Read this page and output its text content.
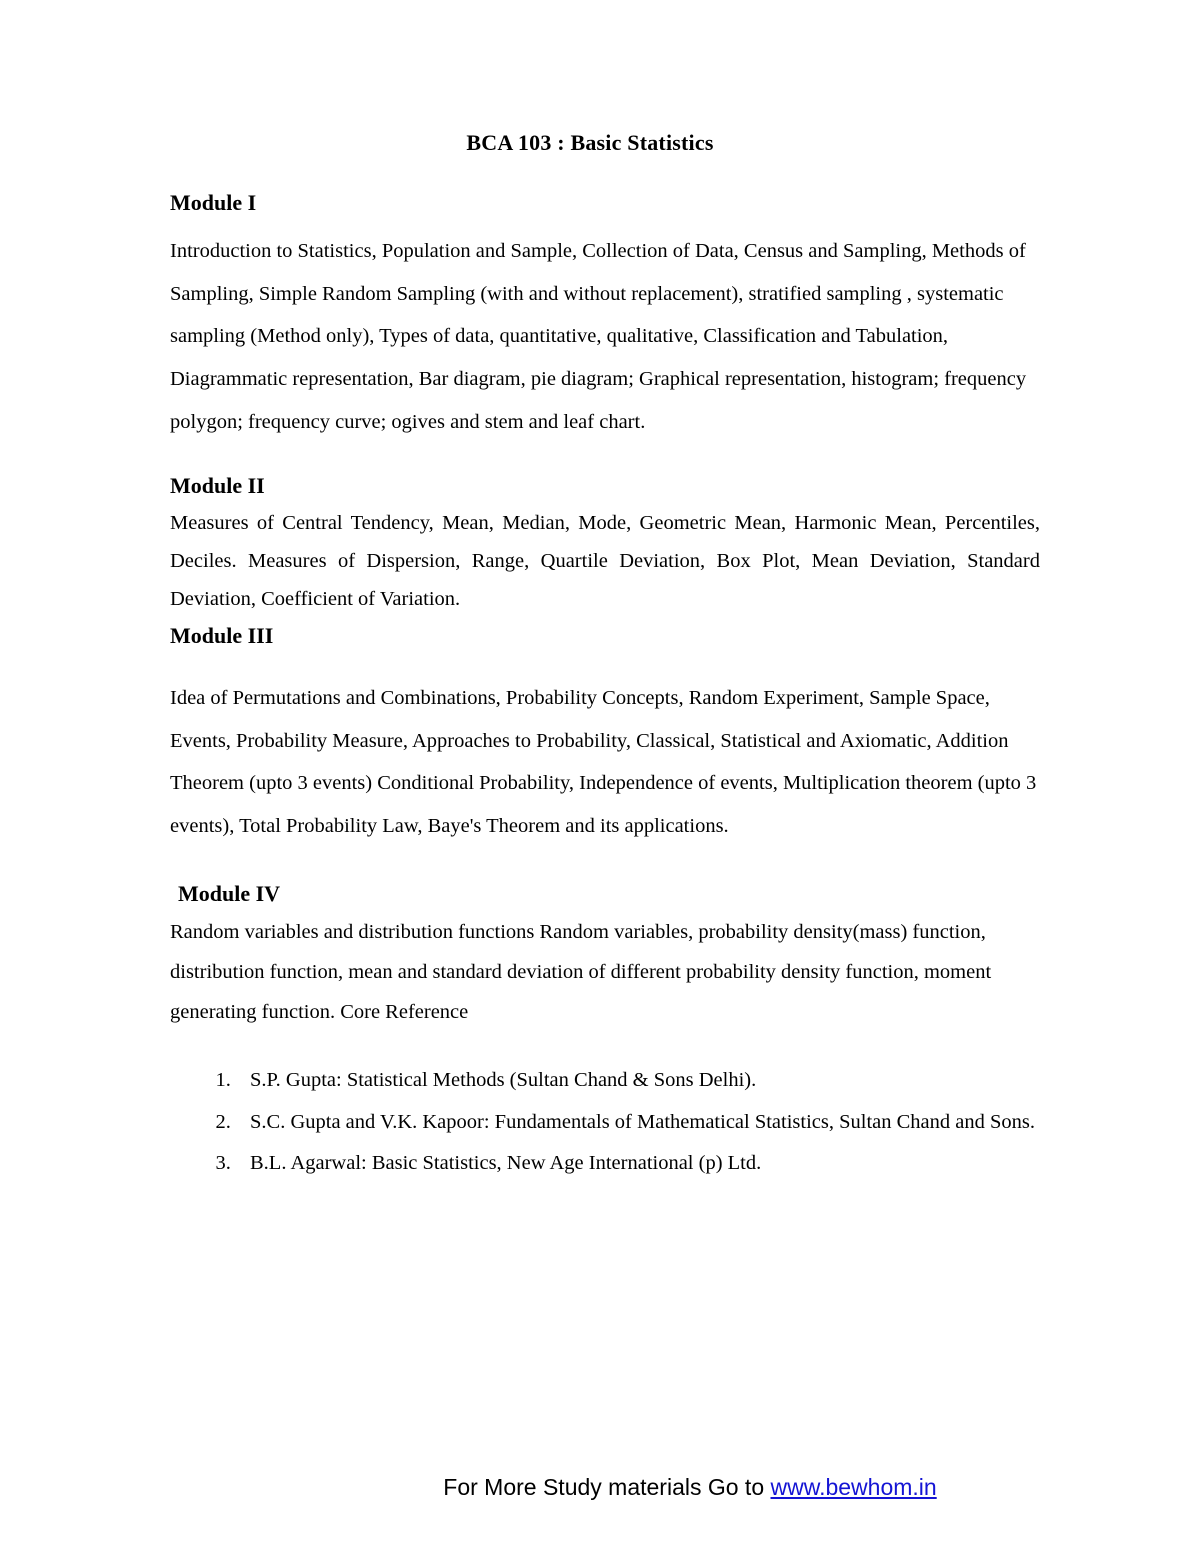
BCA 103 : Basic Statistics
Module I

Introduction to Statistics, Population and Sample, Collection of Data, Census and Sampling, Methods of Sampling, Simple Random Sampling (with and without replacement), stratified sampling , systematic sampling (Method only), Types of data, quantitative, qualitative, Classification and Tabulation, Diagrammatic representation, Bar diagram, pie diagram; Graphical representation, histogram; frequency polygon; frequency curve; ogives and stem and leaf chart.

Module II

Measures of Central Tendency, Mean, Median, Mode, Geometric Mean, Harmonic Mean, Percentiles, Deciles. Measures of Dispersion, Range, Quartile Deviation, Box Plot, Mean Deviation, Standard Deviation, Coefficient of Variation.

Module III

Idea of Permutations and Combinations, Probability Concepts, Random Experiment, Sample Space, Events, Probability Measure, Approaches to Probability, Classical, Statistical and Axiomatic, Addition Theorem (upto 3 events) Conditional Probability, Independence of events, Multiplication theorem (upto 3 events), Total Probability Law, Baye's Theorem and its applications.

Module IV

Random variables and distribution functions Random variables, probability density(mass) function, distribution function, mean and standard deviation of different probability density function, moment generating function. Core Reference

1. S.P. Gupta: Statistical Methods (Sultan Chand & Sons Delhi).
2. S.C. Gupta and V.K. Kapoor: Fundamentals of Mathematical Statistics, Sultan Chand and Sons.
3. B.L. Agarwal: Basic Statistics, New Age International (p) Ltd.
For More Study materials Go to www.bewhom.in
